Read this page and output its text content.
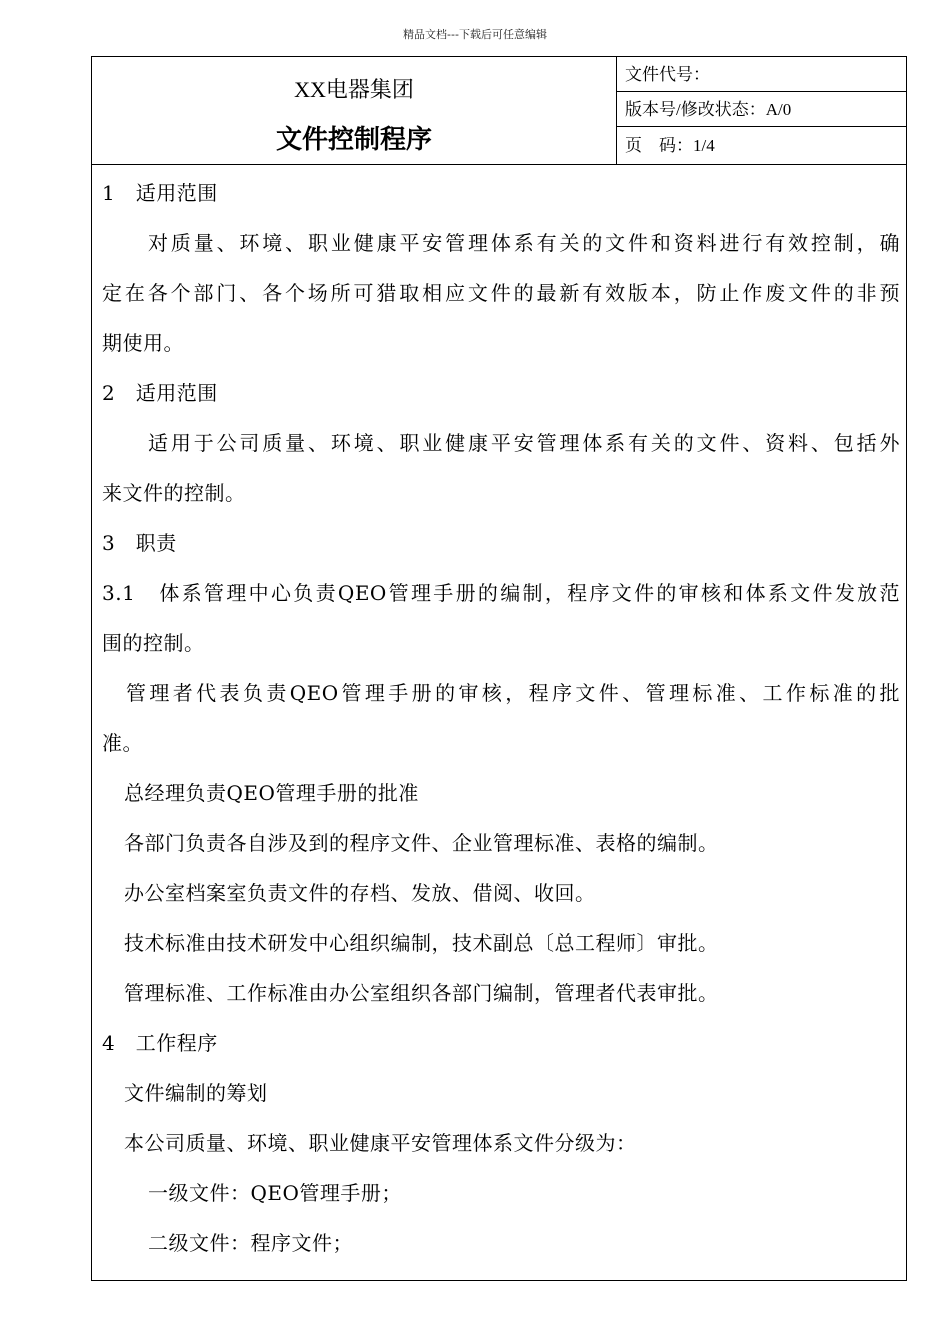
精品文档---下载后可任意编辑
XX电器集团
文件控制程序
文件代号：
版本号/修改状态：A/0
页　码：1/4
1　适用范围
对质量、环境、职业健康平安管理体系有关的文件和资料进行有效控制，确
定在各个部门、各个场所可猎取相应文件的最新有效版本，防止作废文件的非预
期使用。
2　适用范围
适用于公司质量、环境、职业健康平安管理体系有关的文件、资料、包括外
来文件的控制。
3　职责
3.1　体系管理中心负责QEO管理手册的编制，程序文件的审核和体系文件发放范
围的控制。
管理者代表负责QEO管理手册的审核，程序文件、管理标准、工作标准的批
准。
总经理负责QEO管理手册的批准
各部门负责各自涉及到的程序文件、企业管理标准、表格的编制。
办公室档案室负责文件的存档、发放、借阅、收回。
技术标准由技术研发中心组织编制，技术副总〔总工程师〕审批。
管理标准、工作标准由办公室组织各部门编制，管理者代表审批。
4　工作程序
文件编制的筹划
本公司质量、环境、职业健康平安管理体系文件分级为：
一级文件：QEO管理手册；
二级文件：程序文件；
